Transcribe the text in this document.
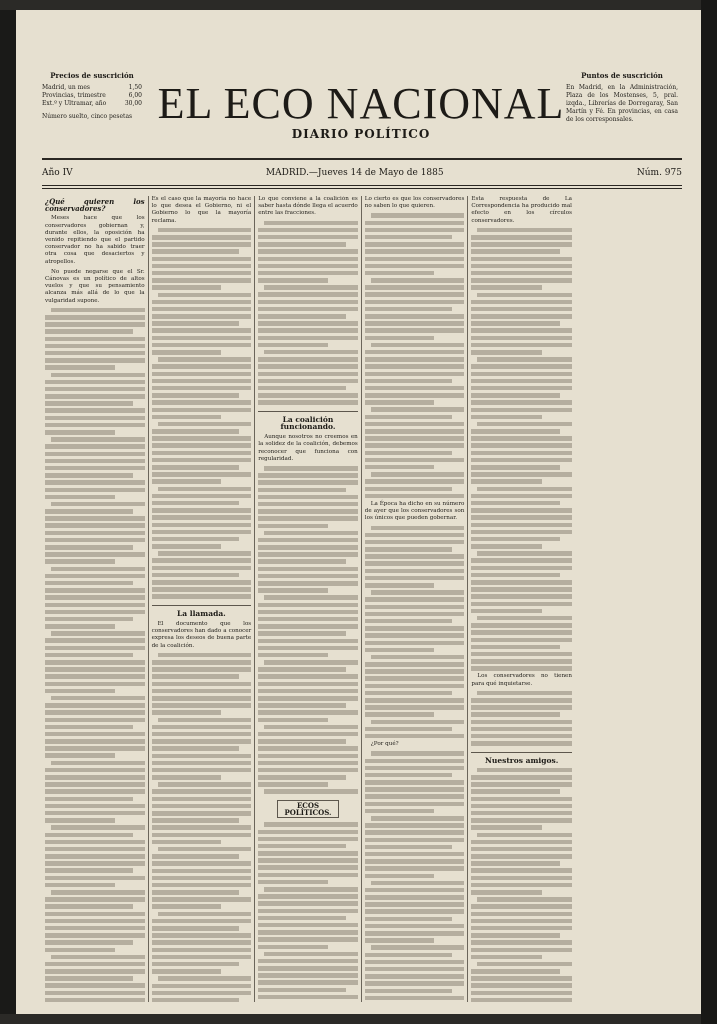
Precios de suscrición
Madrid, un mes	1,50
Provincias, trimestre	6,00
Ext.º y Ultramar, año	30,00
Número suelto, cinco pesetas EL ECO NACIONAL
DIARIO POLÍTICO
Puntos de suscrición
En Madrid, en la Administración, Plaza de los Mostenses, 5, pral. izqda., Librerías de Dorregaray, San Martín y Fé. En provincias, en casa de los corresponsales.
Año IV	MADRID.—Jueves 14 de Mayo de 1885	Núm. 975
¿Qué quieren los conservadores?

Meses hace que los conservadores gobiernan y, durante ellos, la oposición ha venido repitiendo que el partido conservador no ha sabido traer otra cosa que desaciertos y atropellos.

No puede negarse que el Sr. Cánovas es un político de altos vuelos y que su pensamiento alcanza más allá de lo que la vulgaridad supone.

Es el caso que la mayoría no hace lo que desea el Gobierno, ni el Gobierno lo que la mayoría reclama.

La llamada.

El documento que los conservadores han dado a conocer expresa los deseos de buena parte de la coalición.

Lo que conviene a la coalición es saber hasta dónde llega el acuerdo entre las fracciones.

La coalición funcionando.

Aunque nosotros no creemos en la solidez de la coalición, debemos reconocer que funciona con regularidad.

ECOS POLÍTICOS.

Lo cierto es que los conservadores no saben lo que quieren.

La Época ha dicho en su número de ayer que los conservadores son los únicos que pueden gobernar.

¿Por qué?

Esta respuesta de La Correspondencia ha producido mal efecto en los círculos conservadores.

Los conservadores no tienen para qué inquietarse.

Nuestros amigos.
